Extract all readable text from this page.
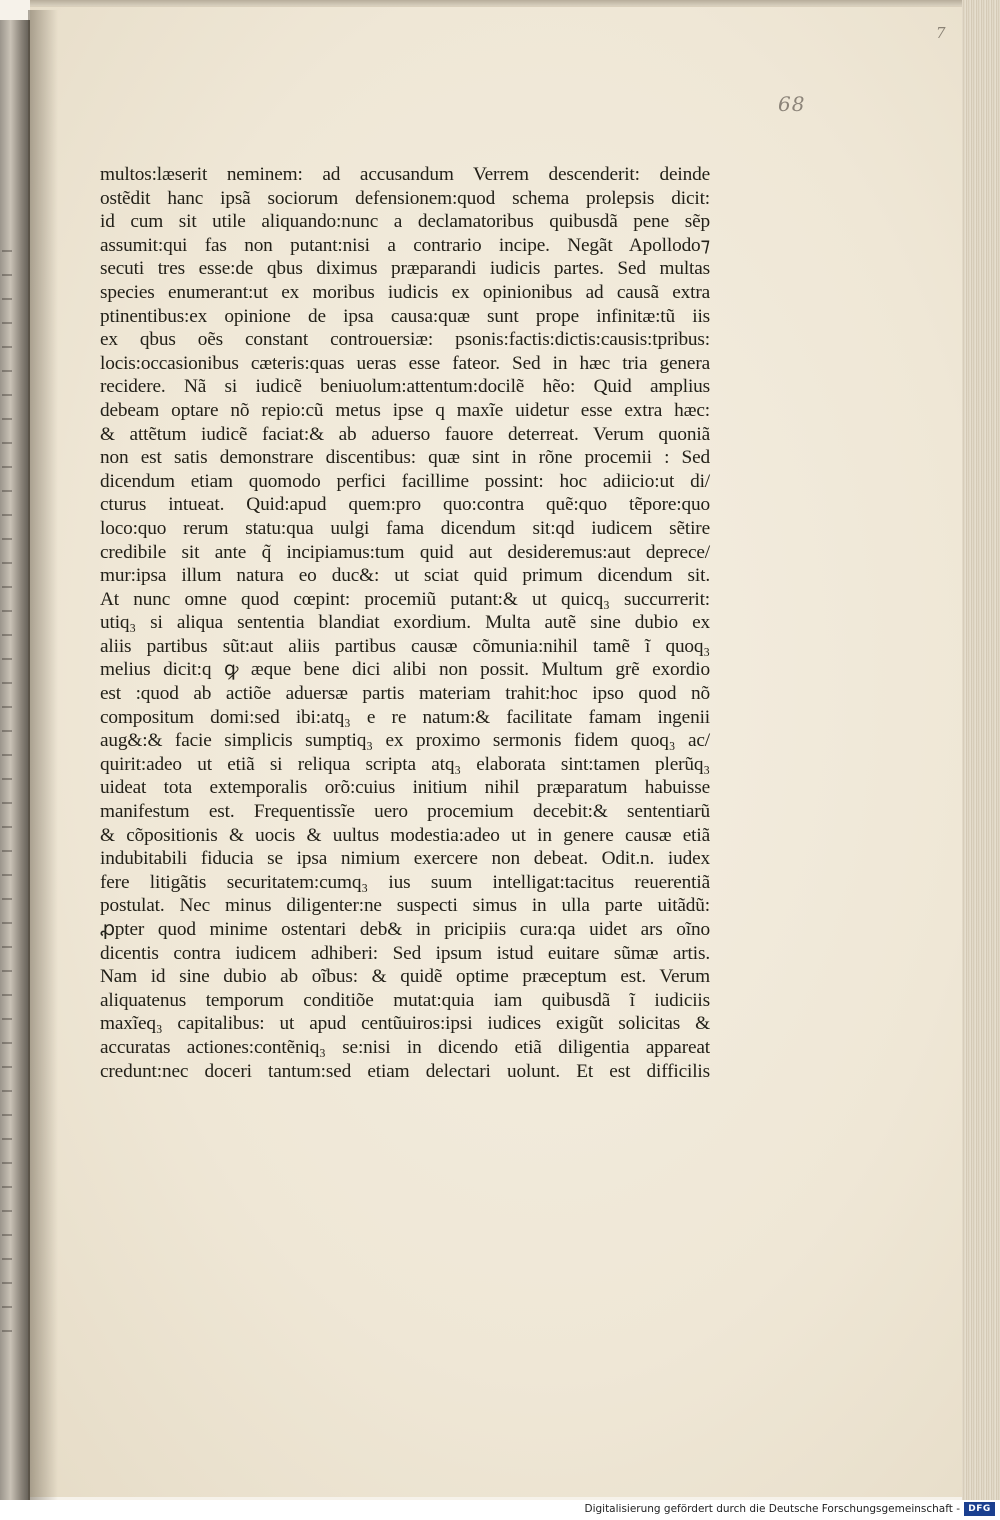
7
68
multos:læserit neminem: ad accusandum Verrem descenderit: deinde
ostẽdit hanc ipsã sociorum defensionem:quod schema prolepsis dicit:
id cum sit utile aliquando:nunc a declamatoribus quibusdã pene sẽp
assumit:qui fas non putant:nisi a contrario incipe. Negãt Apollodo⁊
secuti tres esse:de qbus diximus præparandi iudicis partes. Sed multas
species enumerant:ut ex moribus iudicis ex opinionibus ad causã extra
ptinentibus:ex opinione de ipsa causa:quæ sunt prope infinitæ:tũ iis
ex qbus oẽs constant controuersiæ: psonis:factis:dictis:causis:tpribus:
locis:occasionibus cæteris:quas ueras esse fateor. Sed in hæc tria genera
recidere. Nã si iudicẽ beniuolum:attentum:docilẽ hẽo: Quid amplius
debeam optare nõ repio:cũ metus ipse q maxĩe uidetur esse extra hæc:
& attẽtum iudicẽ faciat:& ab aduerso fauore deterreat. Verum quoniã
non est satis demonstrare discentibus: quæ sint in rõne procemii : Sed
dicendum etiam quomodo perfici facillime possint: hoc adiicio:ut di/
cturus intueat. Quid:apud quem:pro quo:contra quẽ:quo tẽpore:quo
loco:quo rerum statu:qua uulgi fama dicendum sit:qd iudicem sẽtire
credibile sit ante q̃ incipiamus:tum quid aut desideremus:aut deprece/
mur:ipsa illum natura eo duc&: ut sciat quid primum dicendum sit.
At nunc omne quod cœpint: procemiũ putant:& ut quicq₃ succurrerit:
utiq₃ si aliqua sententia blandiat exordium. Multa autẽ sine dubio ex
aliis partibus sũt:aut aliis partibus causæ cõmunia:nihil tamẽ ĩ quoq₃
melius dicit:q ꝙ æque bene dici alibi non possit. Multum grẽ exordio
est :quod ab actiõe aduersæ partis materiam trahit:hoc ipso quod nõ
compositum domi:sed ibi:atq₃ e re natum:& facilitate famam ingenii
aug&:& facie simplicis sumptiq₃ ex proximo sermonis fidem quoq₃ ac/
quirit:adeo ut etiã si reliqua scripta atq₃ elaborata sint:tamen plerũq₃
uideat tota extemporalis orõ:cuius initium nihil præparatum habuisse
manifestum est. Frequentissĩe uero procemium decebit:& sententiarũ
& cõpositionis & uocis & uultus modestia:adeo ut in genere causæ etiã
indubitabili fiducia se ipsa nimium exercere non debeat. Odit.n. iudex
fere litigãtis securitatem:cumq₃ ius suum intelligat:tacitus reuerentiã
postulat. Nec minus diligenter:ne suspecti simus in ulla parte uitãdũ:
ꝓpter quod minime ostentari deb& in pricipiis cura:qa uidet ars oĩno
dicentis contra iudicem adhiberi: Sed ipsum istud euitare sũmæ artis.
Nam id sine dubio ab oĩbus: & quidẽ optime præceptum est. Verum
aliquatenus temporum conditiõe mutat:quia iam quibusdã ĩ iudiciis
maxĩeq₃ capitalibus: ut apud centũuiros:ipsi iudices exigũt solicitas &
accuratas actiones:contẽniq₃ se:nisi in dicendo etiã diligentia appareat
credunt:nec doceri tantum:sed etiam delectari uolunt. Et est difficilis
Digitalisierung gefördert durch die Deutsche Forschungsgemeinschaft - DFG
